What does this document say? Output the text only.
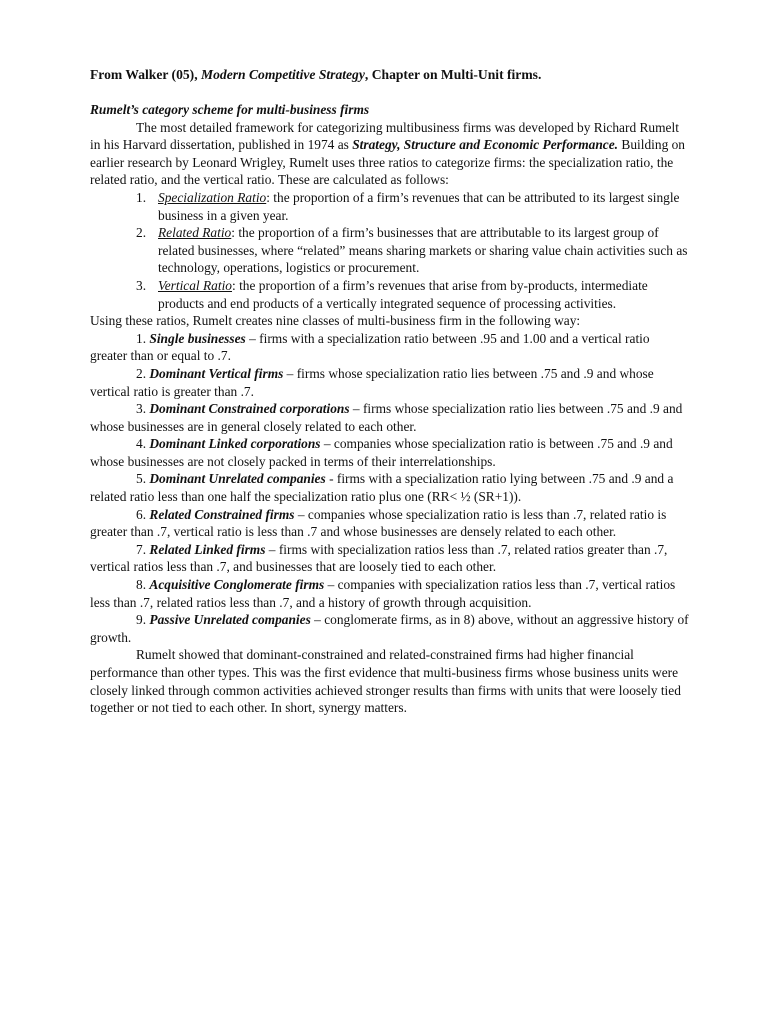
From Walker (05), Modern Competitive Strategy, Chapter on Multi-Unit firms.

Rumelt’s category scheme for multi-business firms

The most detailed framework for categorizing multibusiness firms was developed by Richard Rumelt in his Harvard dissertation, published in 1974 as Strategy, Structure and Economic Performance. Building on earlier research by Leonard Wrigley, Rumelt uses three ratios to categorize firms: the specialization ratio, the related ratio, and the vertical ratio. These are calculated as follows:

1. Specialization Ratio: the proportion of a firm’s revenues that can be attributed to its largest single business in a given year.
2. Related Ratio: the proportion of a firm’s businesses that are attributable to its largest group of related businesses, where “related” means sharing markets or sharing value chain activities such as technology, operations, logistics or procurement.
3. Vertical Ratio: the proportion of a firm’s revenues that arise from by-products, intermediate products and end products of a vertically integrated sequence of processing activities.

Using these ratios, Rumelt creates nine classes of multi-business firm in the following way:

1. Single businesses – firms with a specialization ratio between .95 and 1.00 and a vertical ratio greater than or equal to .7.

2. Dominant Vertical firms – firms whose specialization ratio lies between .75 and .9 and whose vertical ratio is greater than .7.

3. Dominant Constrained corporations – firms whose specialization ratio lies between .75 and .9 and whose businesses are in general closely related to each other.

4. Dominant Linked corporations – companies whose specialization ratio is between .75 and .9 and whose businesses are not closely packed in terms of their interrelationships.

5. Dominant Unrelated companies - firms with a specialization ratio lying between .75 and .9 and a related ratio less than one half the specialization ratio plus one (RR< ½ (SR+1)).

6. Related Constrained firms – companies whose specialization ratio is less than .7, related ratio is greater than .7, vertical ratio is less than .7 and whose businesses are densely related to each other.

7. Related Linked firms – firms with specialization ratios less than .7, related ratios greater than .7, vertical ratios less than .7, and businesses that are loosely tied to each other.

8. Acquisitive Conglomerate firms – companies with specialization ratios less than .7, vertical ratios less than .7, related ratios less than .7, and a history of growth through acquisition.

9. Passive Unrelated companies – conglomerate firms, as in 8) above, without an aggressive history of growth.

Rumelt showed that dominant-constrained and related-constrained firms had higher financial performance than other types. This was the first evidence that multi-business firms whose business units were closely linked through common activities achieved stronger results than firms with units that were loosely tied together or not tied to each other. In short, synergy matters.
